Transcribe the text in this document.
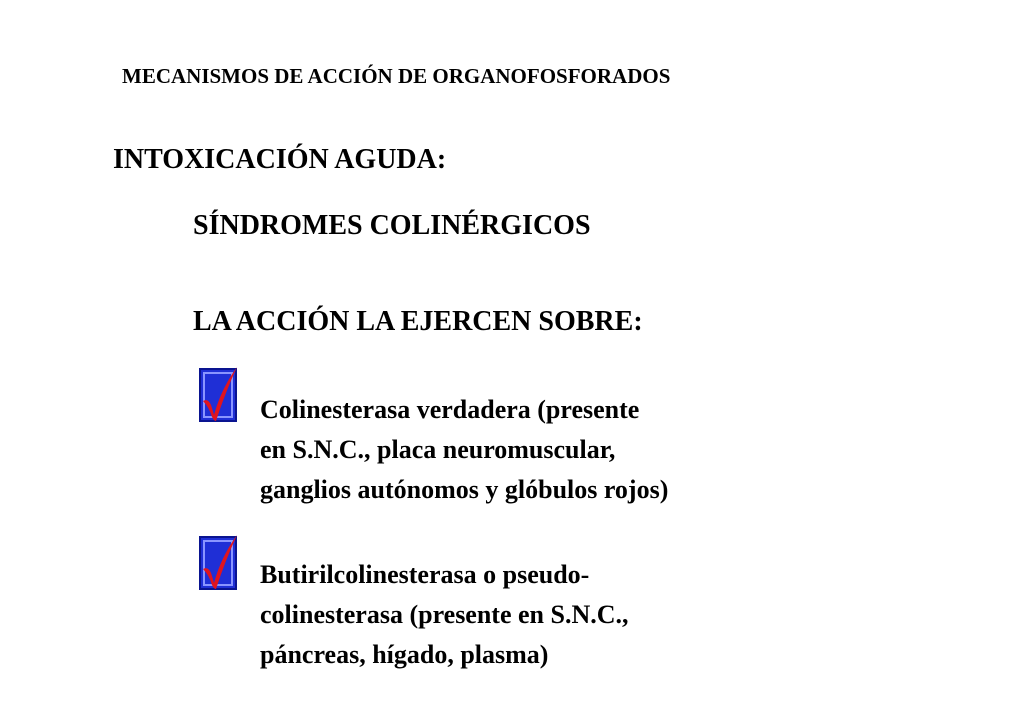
MECANISMOS DE ACCIÓN DE ORGANOFOSFORADOS
INTOXICACIÓN AGUDA:
SÍNDROMES COLINÉRGICOS
LA ACCIÓN LA EJERCEN SOBRE:
Colinesterasa verdadera (presente
en S.N.C., placa neuromuscular,
ganglios autónomos y glóbulos rojos)
Butirilcolinesterasa o pseudo-
colinesterasa (presente en S.N.C.,
páncreas, hígado, plasma)
